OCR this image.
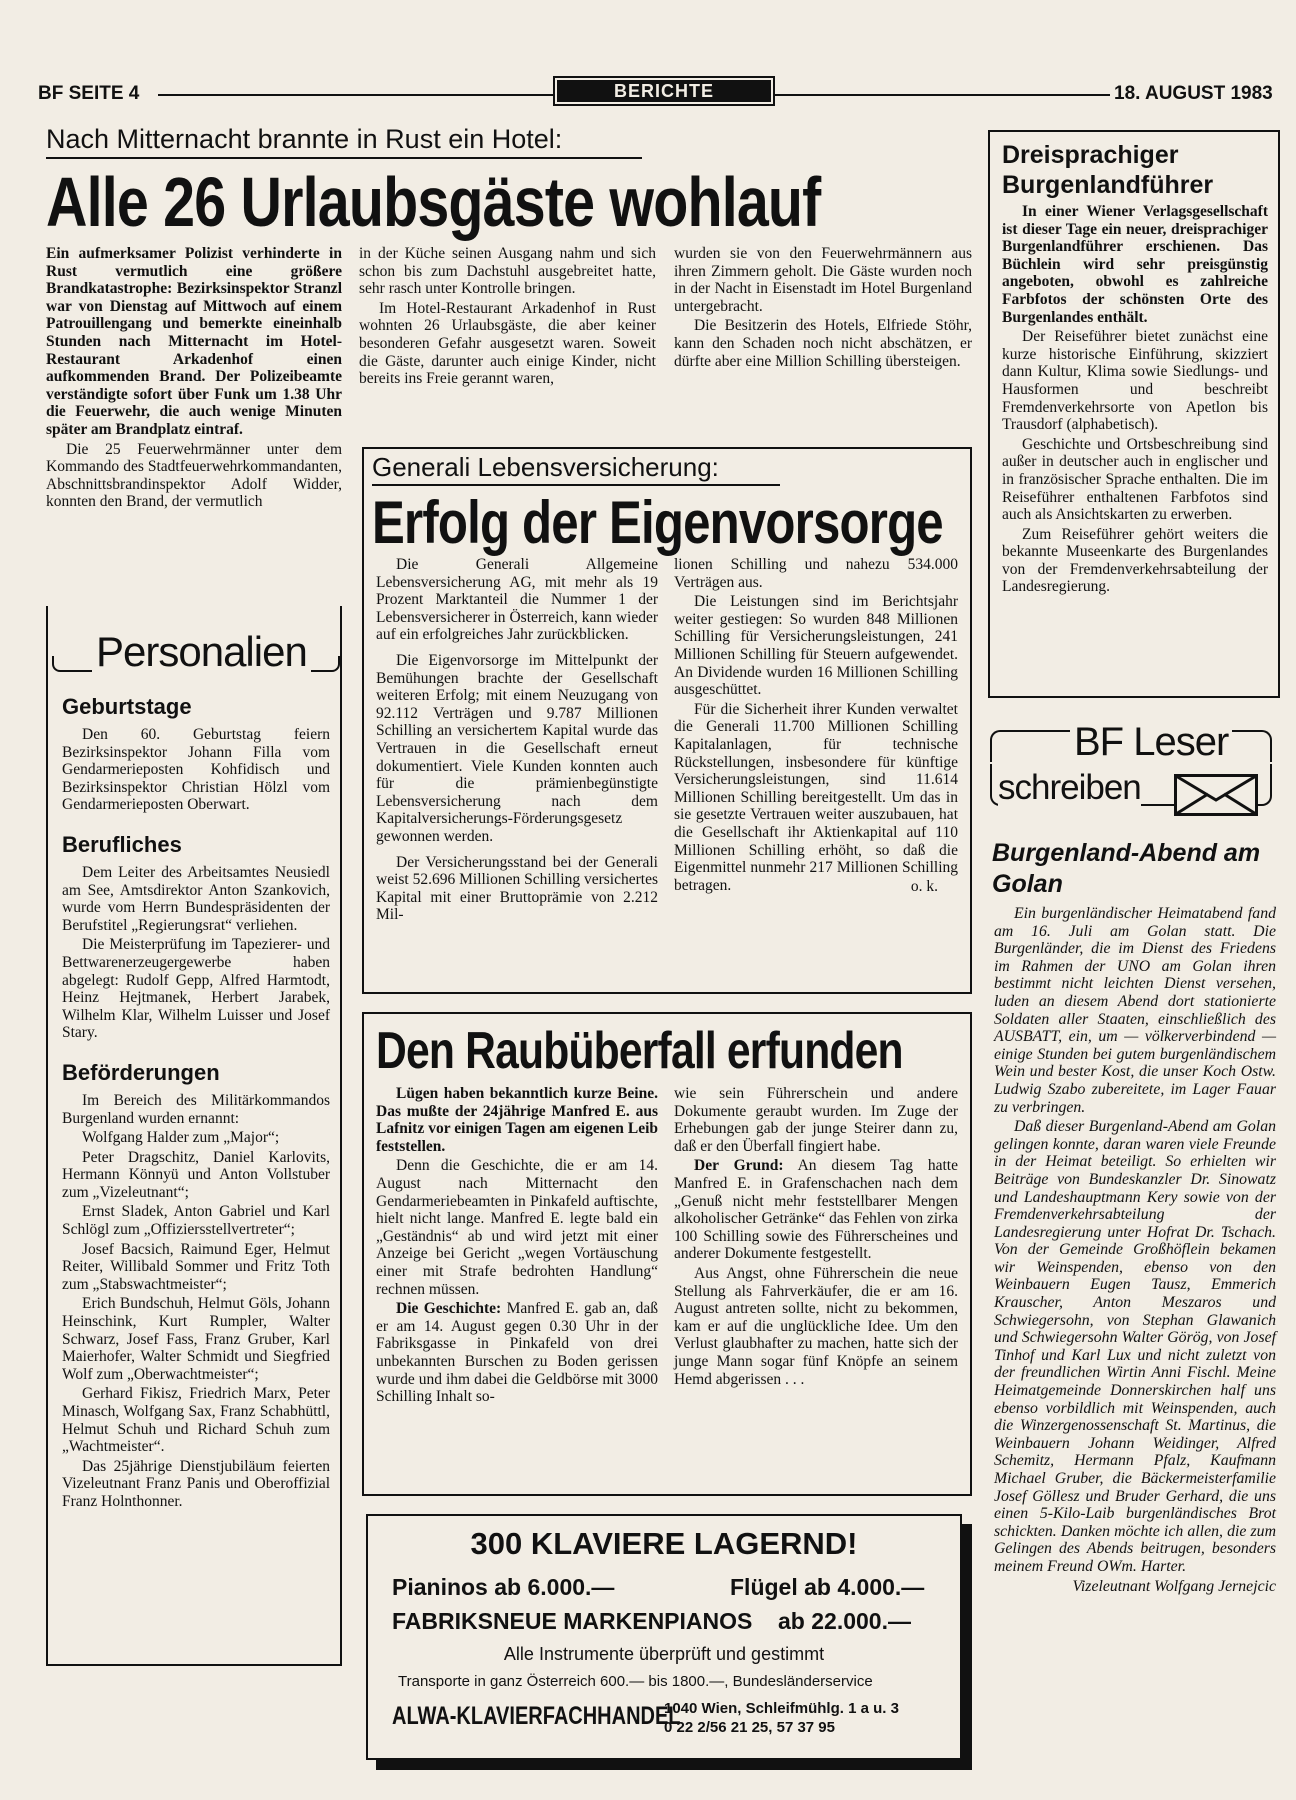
BF SEITE 4	BERICHTE	18. AUGUST 1983
Nach Mitternacht brannte in Rust ein Hotel:
Alle 26 Urlaubsgäste wohlauf

Ein aufmerksamer Polizist verhinderte in Rust vermutlich eine größere Brandkatastrophe: Bezirksinspektor Stranzl war von Dienstag auf Mittwoch auf einem Patrouillengang und bemerkte eineinhalb Stunden nach Mitternacht im Hotel-Restaurant Arkadenhof einen aufkommenden Brand. Der Polizeibeamte verständigte sofort über Funk um 1.38 Uhr die Feuerwehr, die auch wenige Minuten später am Brandplatz eintraf.

Die 25 Feuerwehrmänner unter dem Kommando des Stadtfeuerwehrkommandanten, Abschnittsbrandinspektor Adolf Widder, konnten den Brand, der vermutlich

in der Küche seinen Ausgang nahm und sich schon bis zum Dachstuhl ausgebreitet hatte, sehr rasch unter Kontrolle bringen.

Im Hotel-Restaurant Arkadenhof in Rust wohnten 26 Urlaubsgäste, die aber keiner besonderen Gefahr ausgesetzt waren. Soweit die Gäste, darunter auch einige Kinder, nicht bereits ins Freie gerannt waren,

wurden sie von den Feuerwehrmännern aus ihren Zimmern geholt. Die Gäste wurden noch in der Nacht in Eisenstadt im Hotel Burgenland untergebracht.

Die Besitzerin des Hotels, Elfriede Stöhr, kann den Schaden noch nicht abschätzen, er dürfte aber eine Million Schilling übersteigen.

Personalien
Geburtstage

Den 60. Geburtstag feiern Bezirksinspektor Johann Filla vom Gendarmerieposten Kohfidisch und Bezirksinspektor Christian Hölzl vom Gendarmerieposten Oberwart.

Berufliches

Dem Leiter des Arbeitsamtes Neusiedl am See, Amtsdirektor Anton Szankovich, wurde vom Herrn Bundespräsidenten der Berufstitel „Regierungsrat“ verliehen.

Die Meisterprüfung im Tapezierer- und Bettwarenerzeugergewerbe haben abgelegt: Rudolf Gepp, Alfred Harmtodt, Heinz Hejtmanek, Herbert Jarabek, Wilhelm Klar, Wilhelm Luisser und Josef Stary.

Beförderungen

Im Bereich des Militärkommandos Burgenland wurden ernannt:

Wolfgang Halder zum „Major“;

Peter Dragschitz, Daniel Karlovits, Hermann Könnyü und Anton Vollstuber zum „Vizeleutnant“;

Ernst Sladek, Anton Gabriel und Karl Schlögl zum „Offiziersstellvertreter“;

Josef Bacsich, Raimund Eger, Helmut Reiter, Willibald Sommer und Fritz Toth zum „Stabswachtmeister“;

Erich Bundschuh, Helmut Göls, Johann Heinschink, Kurt Rumpler, Walter Schwarz, Josef Fass, Franz Gruber, Karl Maierhofer, Walter Schmidt und Siegfried Wolf zum „Oberwachtmeister“;

Gerhard Fikisz, Friedrich Marx, Peter Minasch, Wolfgang Sax, Franz Schabhüttl, Helmut Schuh und Richard Schuh zum „Wachtmeister“.

Das 25jährige Dienstjubiläum feierten Vizeleutnant Franz Panis und Oberoffizial Franz Holnthonner.

Generali Lebensversicherung:
Erfolg der Eigenvorsorge

Die Generali Allgemeine Lebensversicherung AG, mit mehr als 19 Prozent Marktanteil die Nummer 1 der Lebensversicherer in Österreich, kann wieder auf ein erfolgreiches Jahr zurückblicken.

Die Eigenvorsorge im Mittelpunkt der Bemühungen brachte der Gesellschaft weiteren Erfolg; mit einem Neuzugang von 92.112 Verträgen und 9.787 Millionen Schilling an versichertem Kapital wurde das Vertrauen in die Gesellschaft erneut dokumentiert. Viele Kunden konnten auch für die prämienbegünstigte Lebensversicherung nach dem Kapitalversicherungs-Förderungsgesetz gewonnen werden.

Der Versicherungsstand bei der Generali weist 52.696 Millionen Schilling versichertes Kapital mit einer Bruttoprämie von 2.212 Mil-

lionen Schilling und nahezu 534.000 Verträgen aus.

Die Leistungen sind im Berichtsjahr weiter gestiegen: So wurden 848 Millionen Schilling für Versicherungsleistungen, 241 Millionen Schilling für Steuern aufgewendet. An Dividende wurden 16 Millionen Schilling ausgeschüttet.

Für die Sicherheit ihrer Kunden verwaltet die Generali 11.700 Millionen Schilling Kapitalanlagen, für technische Rückstellungen, insbesondere für künftige Versicherungsleistungen, sind 11.614 Millionen Schilling bereitgestellt. Um das in sie gesetzte Vertrauen weiter auszubauen, hat die Gesellschaft ihr Aktienkapital auf 110 Millionen Schilling erhöht, so daß die Eigenmittel nunmehr 217 Millionen Schilling betragen.	o. k.
Den Raubüberfall erfunden

Lügen haben bekanntlich kurze Beine. Das mußte der 24jährige Manfred E. aus Lafnitz vor einigen Tagen am eigenen Leib feststellen.

Denn die Geschichte, die er am 14. August nach Mitternacht den Gendarmeriebeamten in Pinkafeld auftischte, hielt nicht lange. Manfred E. legte bald ein „Geständnis“ ab und wird jetzt mit einer Anzeige bei Gericht „wegen Vortäuschung einer mit Strafe bedrohten Handlung“ rechnen müssen.

Die Geschichte: Manfred E. gab an, daß er am 14. August gegen 0.30 Uhr in der Fabriksgasse in Pinkafeld von drei unbekannten Burschen zu Boden gerissen wurde und ihm dabei die Geldbörse mit 3000 Schilling Inhalt so-

wie sein Führerschein und andere Dokumente geraubt wurden. Im Zuge der Erhebungen gab der junge Steirer dann zu, daß er den Überfall fingiert habe.

Der Grund: An diesem Tag hatte Manfred E. in Grafenschachen nach dem „Genuß nicht mehr feststellbarer Mengen alkoholischer Getränke“ das Fehlen von zirka 100 Schilling sowie des Führerscheines und anderer Dokumente festgestellt.

Aus Angst, ohne Führerschein die neue Stellung als Fahrverkäufer, die er am 16. August antreten sollte, nicht zu bekommen, kam er auf die unglückliche Idee. Um den Verlust glaubhafter zu machen, hatte sich der junge Mann sogar fünf Knöpfe an seinem Hemd abgerissen . . .

300 KLAVIERE LAGERND!
Pianinos ab 6.000.—	Flügel ab 4.000.—
FABRIKSNEUE MARKENPIANOS ab 22.000.—
Alle Instrumente überprüft und gestimmt
Transporte in ganz Österreich 600.— bis 1800.—, Bundesländerservice
ALWA-KLAVIERFACHHANDEL
1040 Wien, Schleifmühlg. 1 a u. 3
0 22 2/56 21 25, 57 37 95
Dreisprachiger Burgenlandführer

In einer Wiener Verlagsgesellschaft ist dieser Tage ein neuer, dreisprachiger Burgenlandführer erschienen. Das Büchlein wird sehr preisgünstig angeboten, obwohl es zahlreiche Farbfotos der schönsten Orte des Burgenlandes enthält.

Der Reiseführer bietet zunächst eine kurze historische Einführung, skizziert dann Kultur, Klima sowie Siedlungs- und Hausformen und beschreibt Fremdenverkehrsorte von Apetlon bis Trausdorf (alphabetisch).

Geschichte und Ortsbeschreibung sind außer in deutscher auch in englischer und in französischer Sprache enthalten. Die im Reiseführer enthaltenen Farbfotos sind auch als Ansichtskarten zu erwerben.

Zum Reiseführer gehört weiters die bekannte Museenkarte des Burgenlandes von der Fremdenverkehrsabteilung der Landesregierung.

BF Leser
schreiben
Burgenland-Abend am Golan

Ein burgenländischer Heimatabend fand am 16. Juli am Golan statt. Die Burgenländer, die im Dienst des Friedens im Rahmen der UNO am Golan ihren bestimmt nicht leichten Dienst versehen, luden an diesem Abend dort stationierte Soldaten aller Staaten, einschließlich des AUSBATT, ein, um — völkerverbindend — einige Stunden bei gutem burgenländischem Wein und bester Kost, die unser Koch Ostw. Ludwig Szabo zubereitete, im Lager Fauar zu verbringen.

Daß dieser Burgenland-Abend am Golan gelingen konnte, daran waren viele Freunde in der Heimat beteiligt. So erhielten wir Beiträge von Bundeskanzler Dr. Sinowatz und Landeshauptmann Kery sowie von der Fremdenverkehrsabteilung der Landesregierung unter Hofrat Dr. Tschach. Von der Gemeinde Großhöflein bekamen wir Weinspenden, ebenso von den Weinbauern Eugen Tausz, Emmerich Krauscher, Anton Meszaros und Schwiegersohn, von Stephan Glawanich und Schwiegersohn Walter Görög, von Josef Tinhof und Karl Lux und nicht zuletzt von der freundlichen Wirtin Anni Fischl. Meine Heimatgemeinde Donnerskirchen half uns ebenso vorbildlich mit Weinspenden, auch die Winzergenossenschaft St. Martinus, die Weinbauern Johann Weidinger, Alfred Schemitz, Hermann Pfalz, Kaufmann Michael Gruber, die Bäckermeisterfamilie Josef Göllesz und Bruder Gerhard, die uns einen 5-Kilo-Laib burgenländisches Brot schickten. Danken möchte ich allen, die zum Gelingen des Abends beitrugen, besonders meinem Freund OWm. Harter.

Vizeleutnant Wolfgang Jernejcic
